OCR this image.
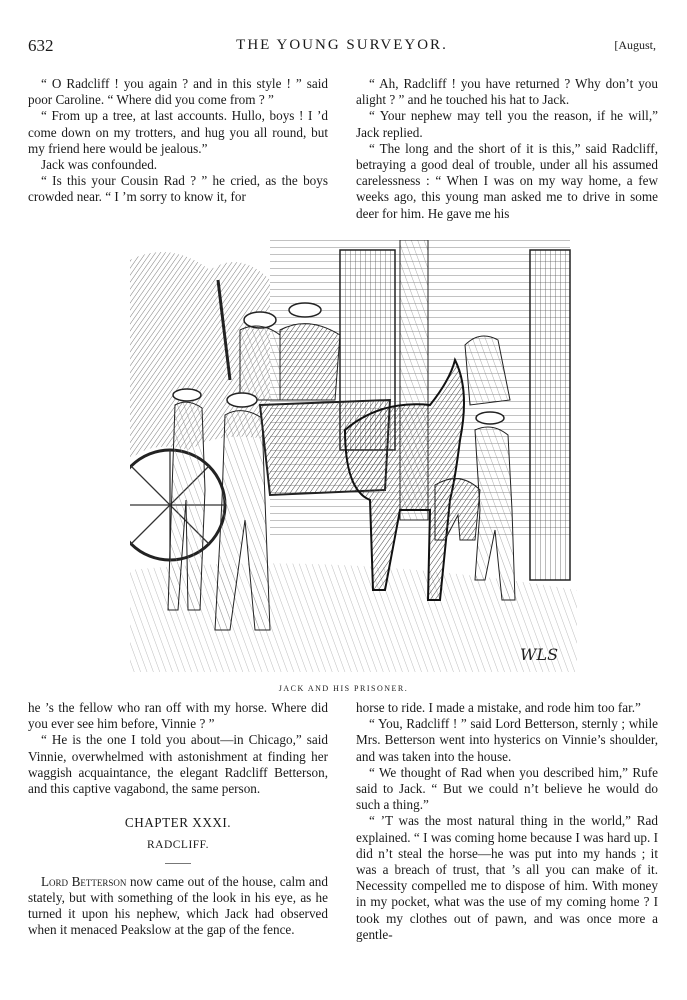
632	THE YOUNG SURVEYOR.	[August,

“ O Radcliff ! you again ? and in this style ! ” said poor Caroline. “ Where did you come from ? ”

“ From up a tree, at last accounts. Hullo, boys ! I ’d come down on my trotters, and hug you all round, but my friend here would be jealous.”

Jack was confounded.

“ Is this your Cousin Rad ? ” he cried, as the boys crowded near. “ I ’m sorry to know it, for

“ Ah, Radcliff ! you have returned ? Why don’t you alight ? ” and he touched his hat to Jack.

“ Your nephew may tell you the reason, if he will,” Jack replied.

“ The long and the short of it is this,” said Radcliff, betraying a good deal of trouble, under all his assumed carelessness : “ When I was on my way home, a few weeks ago, this young man asked me to drive in some deer for him. He gave me his

WLS
JACK AND HIS PRISONER.

he ’s the fellow who ran off with my horse. Where did you ever see him before, Vinnie ? ”

“ He is the one I told you about—in Chicago,” said Vinnie, overwhelmed with astonishment at finding her waggish acquaintance, the elegant Radcliff Betterson, and this captive vagabond, the same person.

CHAPTER XXXI.

RADCLIFF.

Lord Betterson now came out of the house, calm and stately, but with something of the look in his eye, as he turned it upon his nephew, which Jack had observed when it menaced Peakslow at the gap of the fence.

horse to ride. I made a mistake, and rode him too far.”

“ You, Radcliff ! ” said Lord Betterson, sternly ; while Mrs. Betterson went into hysterics on Vinnie’s shoulder, and was taken into the house.

“ We thought of Rad when you described him,” Rufe said to Jack. “ But we could n’t believe he would do such a thing.”

“ ’T was the most natural thing in the world,” Rad explained. “ I was coming home because I was hard up. I did n’t steal the horse—he was put into my hands ; it was a breach of trust, that ’s all you can make of it. Necessity compelled me to dispose of him. With money in my pocket, what was the use of my coming home ? I took my clothes out of pawn, and was once more a gentle-
